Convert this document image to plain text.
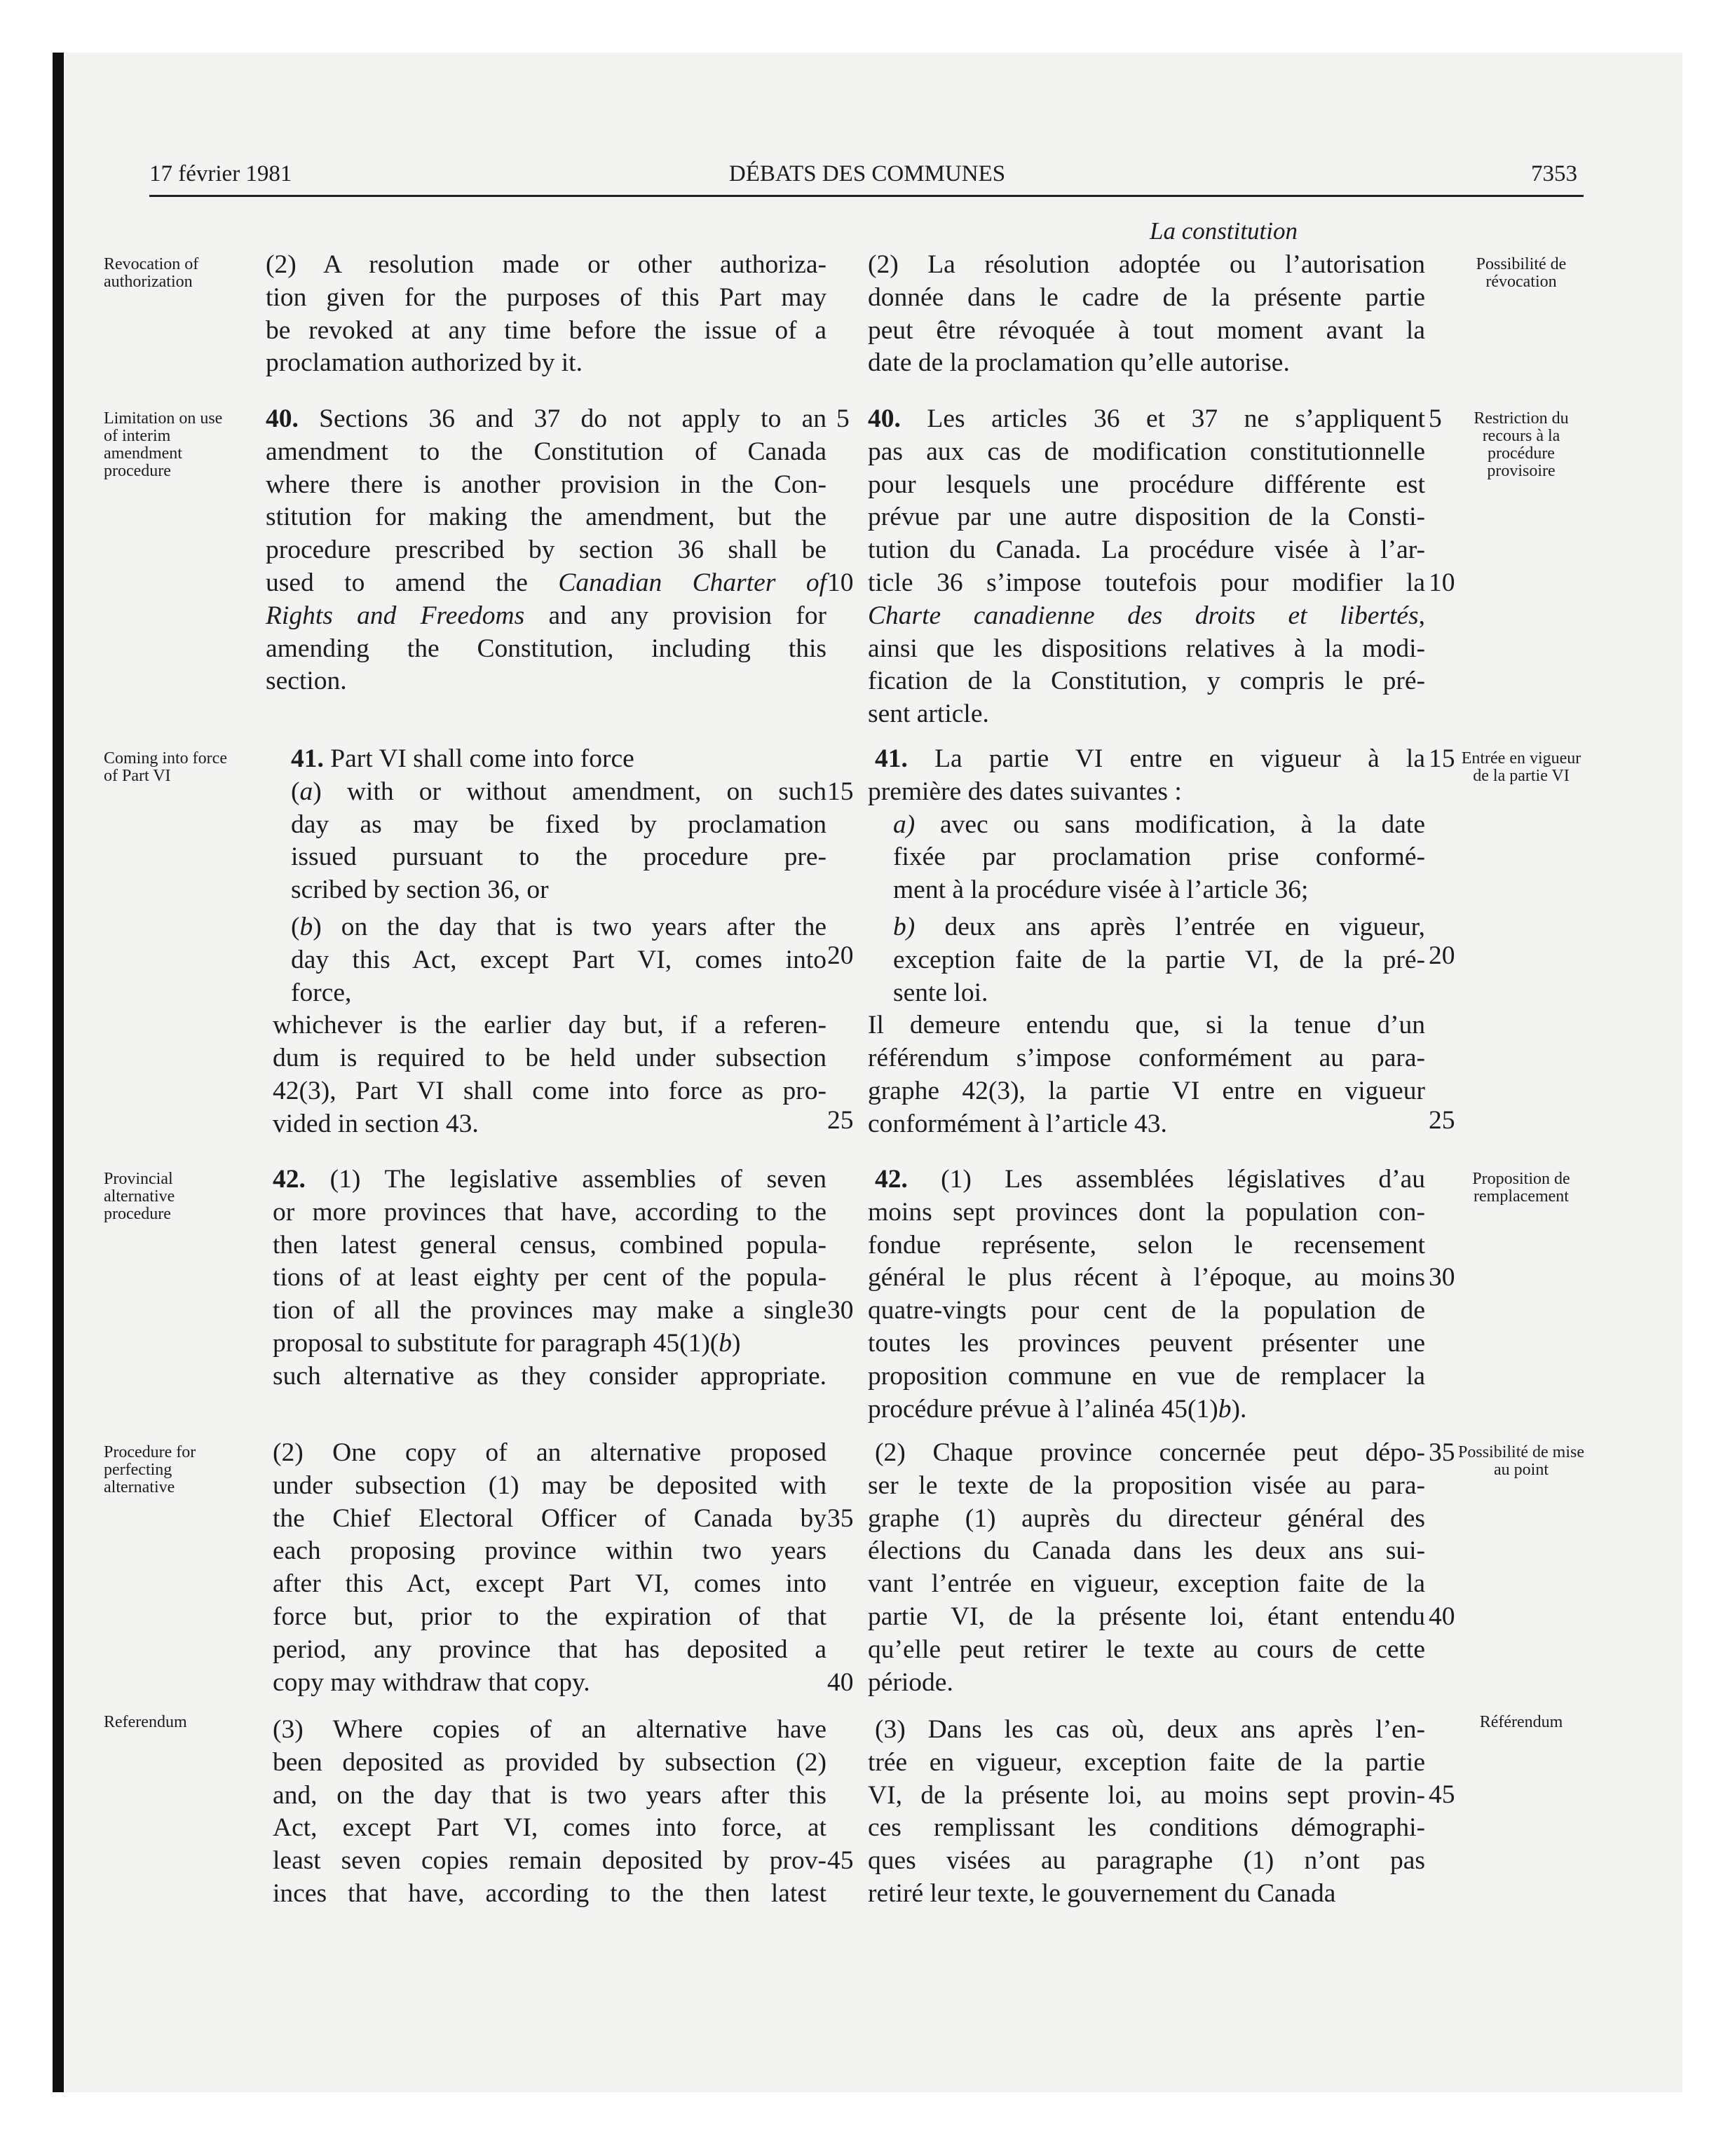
17 février 1981	DÉBATS DES COMMUNES	7353
La constitution
Revocation of authorization
Limitation on use of interim amendment procedure
Coming into force of Part VI
Provincial alternative procedure
Procedure for perfecting alternative
Referendum
Possibilité de révocation
Restriction du recours à la procédure provisoire
Entrée en vigueur de la partie VI
Proposition de remplacement
Possibilité de mise au point
Référendum

(2) A resolution made or other authoriza-

tion given for the purposes of this Part may

be revoked at any time before the issue of a

proclamation authorized by it.

40. Sections 36 and 37 do not apply to an

amendment to the Constitution of Canada

where there is another provision in the Con-

stitution for making the amendment, but the

procedure prescribed by section 36 shall be

used to amend the Canadian Charter of

Rights and Freedoms and any provision for

amending the Constitution, including this

section.

41. Part VI shall come into force

(a) with or without amendment, on such

day as may be fixed by proclamation

issued pursuant to the procedure pre-

scribed by section 36, or

(b) on the day that is two years after the

day this Act, except Part VI, comes into

force,

whichever is the earlier day but, if a referen-

dum is required to be held under subsection

42(3), Part VI shall come into force as pro-

vided in section 43.

42. (1) The legislative assemblies of seven

or more provinces that have, according to the

then latest general census, combined popula-

tions of at least eighty per cent of the popula-

tion of all the provinces may make a single

proposal to substitute for paragraph 45(1)(b)

such alternative as they consider appropriate.

(2) One copy of an alternative proposed

under subsection (1) may be deposited with

the Chief Electoral Officer of Canada by

each proposing province within two years

after this Act, except Part VI, comes into

force but, prior to the expiration of that

period, any province that has deposited a

copy may withdraw that copy.

(3) Where copies of an alternative have

been deposited as provided by subsection (2)

and, on the day that is two years after this

Act, except Part VI, comes into force, at

least seven copies remain deposited by prov-

inces that have, according to the then latest

(2) La résolution adoptée ou l’autorisation

donnée dans le cadre de la présente partie

peut être révoquée à tout moment avant la

date de la proclamation qu’elle autorise.

40. Les articles 36 et 37 ne s’appliquent

pas aux cas de modification constitutionnelle

pour lesquels une procédure différente est

prévue par une autre disposition de la Consti-

tution du Canada. La procédure visée à l’ar-

ticle 36 s’impose toutefois pour modifier la

Charte canadienne des droits et libertés,

ainsi que les dispositions relatives à la modi-

fication de la Constitution, y compris le pré-

sent article.

41. La partie VI entre en vigueur à la

première des dates suivantes :

a) avec ou sans modification, à la date

fixée par proclamation prise conformé-

ment à la procédure visée à l’article 36;

b) deux ans après l’entrée en vigueur,

exception faite de la partie VI, de la pré-

sente loi.

Il demeure entendu que, si la tenue d’un

référendum s’impose conformément au para-

graphe 42(3), la partie VI entre en vigueur

conformément à l’article 43.

42. (1) Les assemblées législatives d’au

moins sept provinces dont la population con-

fondue représente, selon le recensement

général le plus récent à l’époque, au moins

quatre-vingts pour cent de la population de

toutes les provinces peuvent présenter une

proposition commune en vue de remplacer la

procédure prévue à l’alinéa 45(1)b).

(2) Chaque province concernée peut dépo-

ser le texte de la proposition visée au para-

graphe (1) auprès du directeur général des

élections du Canada dans les deux ans sui-

vant l’entrée en vigueur, exception faite de la

partie VI, de la présente loi, étant entendu

qu’elle peut retirer le texte au cours de cette

période.

(3) Dans les cas où, deux ans après l’en-

trée en vigueur, exception faite de la partie

VI, de la présente loi, au moins sept provin-

ces remplissant les conditions démographi-

ques visées au paragraphe (1) n’ont pas

retiré leur texte, le gouvernement du Canada

5
10
15
20
25
30
35
40
45
5
10
15
20
25
30
35
40
45
